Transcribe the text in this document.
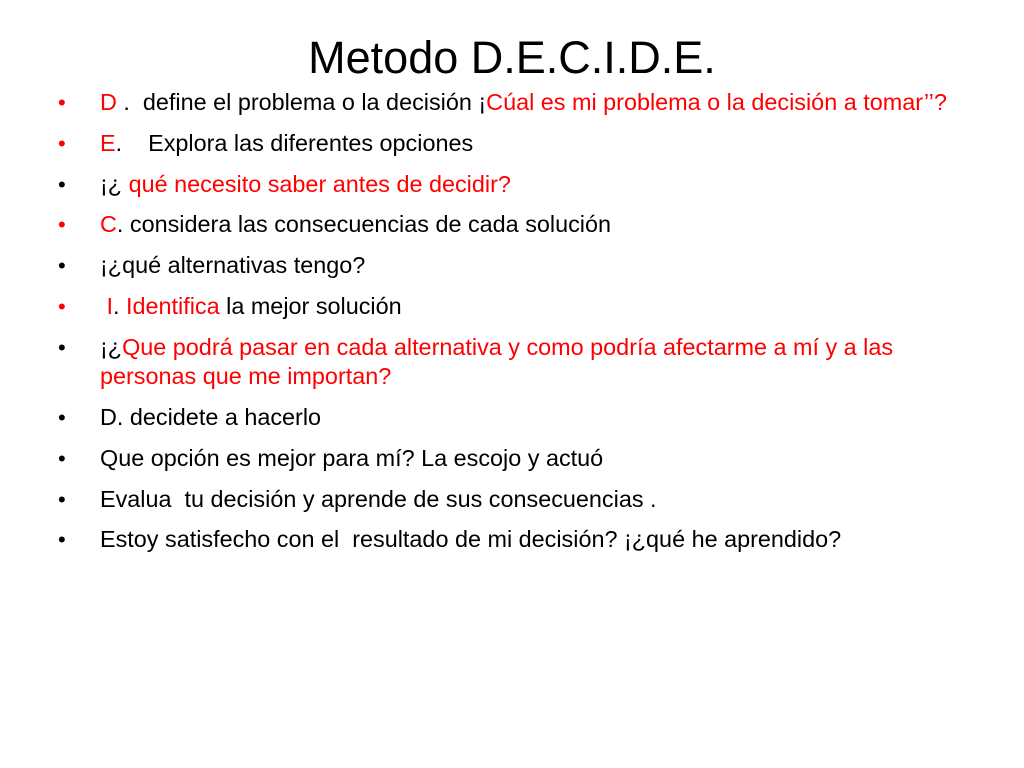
Metodo D.E.C.I.D.E.
•	D .  define el problema o la decisión ¡Cúal es mi problema o la decisión a tomar’’?
•	E.    Explora las diferentes opciones
•	¡¿ qué necesito saber antes de decidir?
•	C. considera las consecuencias de cada solución
•	¡¿qué alternativas tengo?
•	I. Identifica la mejor solución
•	¡¿Que podrá pasar en cada alternativa y como podría afectarme a mí y a las personas que me importan?
•	D. decidete a hacerlo
•	Que opción es mejor para mí? La escojo y actuó
•	Evalua  tu decisión y aprende de sus consecuencias .
•	Estoy satisfecho con el  resultado de mi decisión? ¡¿qué he aprendido?
